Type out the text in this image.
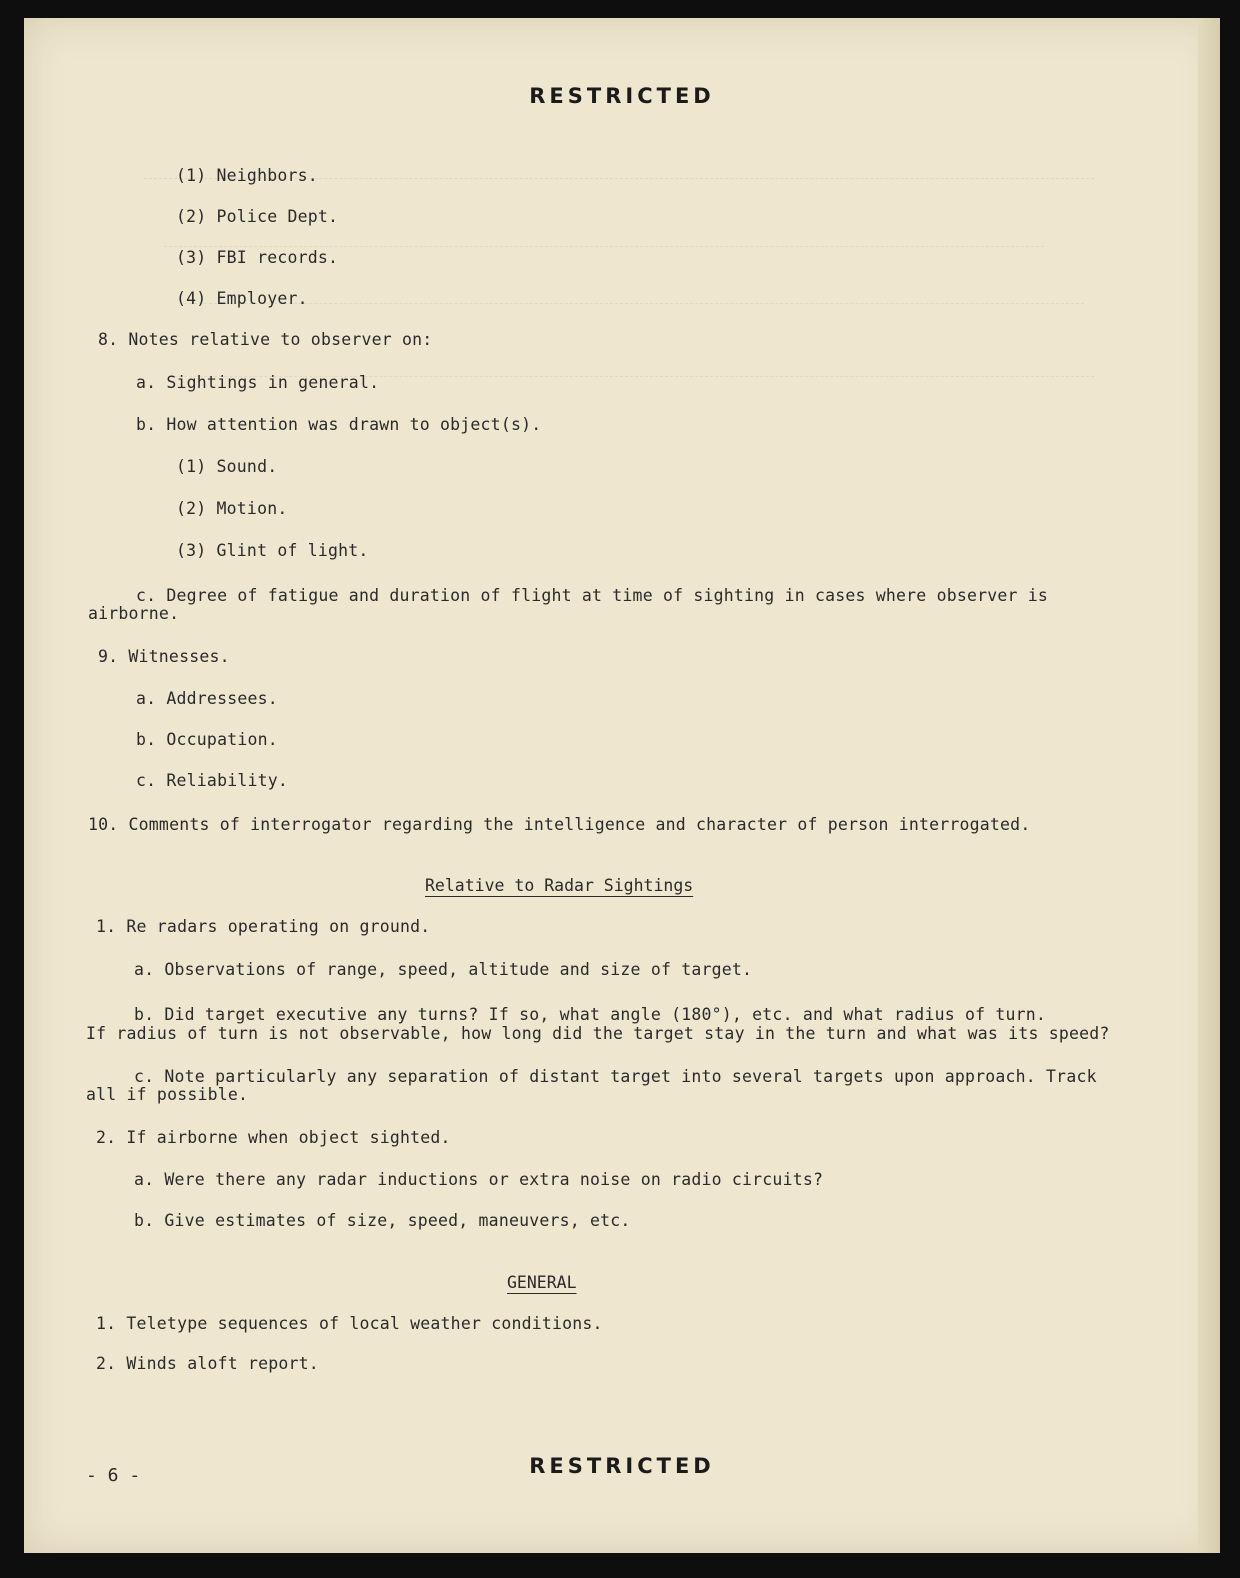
RESTRICTED
(1) Neighbors.
(2) Police Dept.
(3) FBI records.
(4) Employer.
8. Notes relative to observer on:
a. Sightings in general.
b. How attention was drawn to object(s).
(1) Sound.
(2) Motion.
(3) Glint of light.
c. Degree of fatigue and duration of flight at time of sighting in cases where observer is
airborne.
9. Witnesses.
a. Addressees.
b. Occupation.
c. Reliability.
10. Comments of interrogator regarding the intelligence and character of person interrogated.
Relative to Radar Sightings
1. Re radars operating on ground.
a. Observations of range, speed, altitude and size of target.
b. Did target executive any turns? If so, what angle (180°), etc. and what radius of turn.
If radius of turn is not observable, how long did the target stay in the turn and what was its speed?
c. Note particularly any separation of distant target into several targets upon approach. Track
all if possible.
2. If airborne when object sighted.
a. Were there any radar inductions or extra noise on radio circuits?
b. Give estimates of size, speed, maneuvers, etc.
GENERAL
1. Teletype sequences of local weather conditions.
2. Winds aloft report.
- 6 -	RESTRICTED
